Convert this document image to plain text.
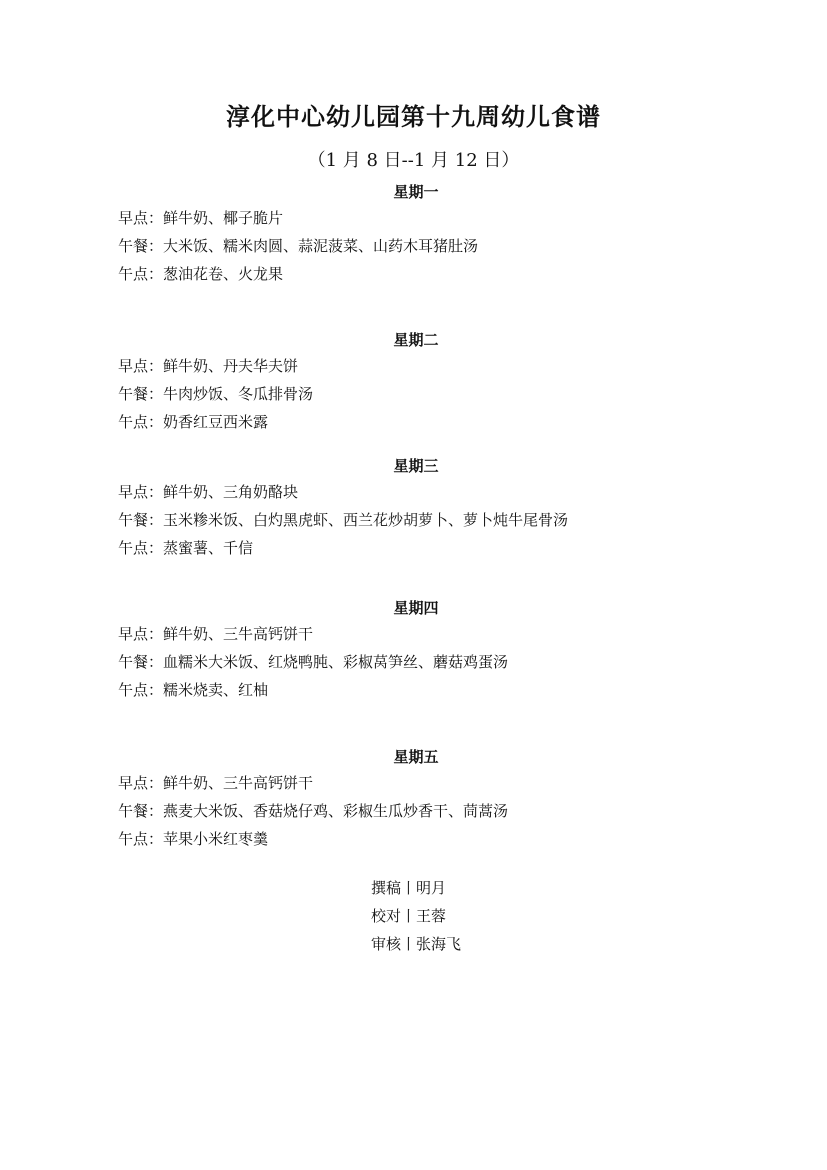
淳化中心幼儿园第十九周幼儿食谱
（1 月 8 日--1 月 12 日）
星期一
早点：鲜牛奶、椰子脆片
午餐：大米饭、糯米肉圆、蒜泥菠菜、山药木耳猪肚汤
午点：葱油花卷、火龙果
星期二
早点：鲜牛奶、丹夫华夫饼
午餐：牛肉炒饭、冬瓜排骨汤
午点：奶香红豆西米露
星期三
早点：鲜牛奶、三角奶酪块
午餐：玉米糁米饭、白灼黑虎虾、西兰花炒胡萝卜、萝卜炖牛尾骨汤
午点：蒸蜜薯、千信
星期四
早点：鲜牛奶、三牛高钙饼干
午餐：血糯米大米饭、红烧鸭肫、彩椒莴笋丝、蘑菇鸡蛋汤
午点：糯米烧卖、红柚
星期五
早点：鲜牛奶、三牛高钙饼干
午餐：燕麦大米饭、香菇烧仔鸡、彩椒生瓜炒香干、茼蒿汤
午点：苹果小米红枣羹
撰稿丨明月
校对丨王蓉
审核丨张海飞
